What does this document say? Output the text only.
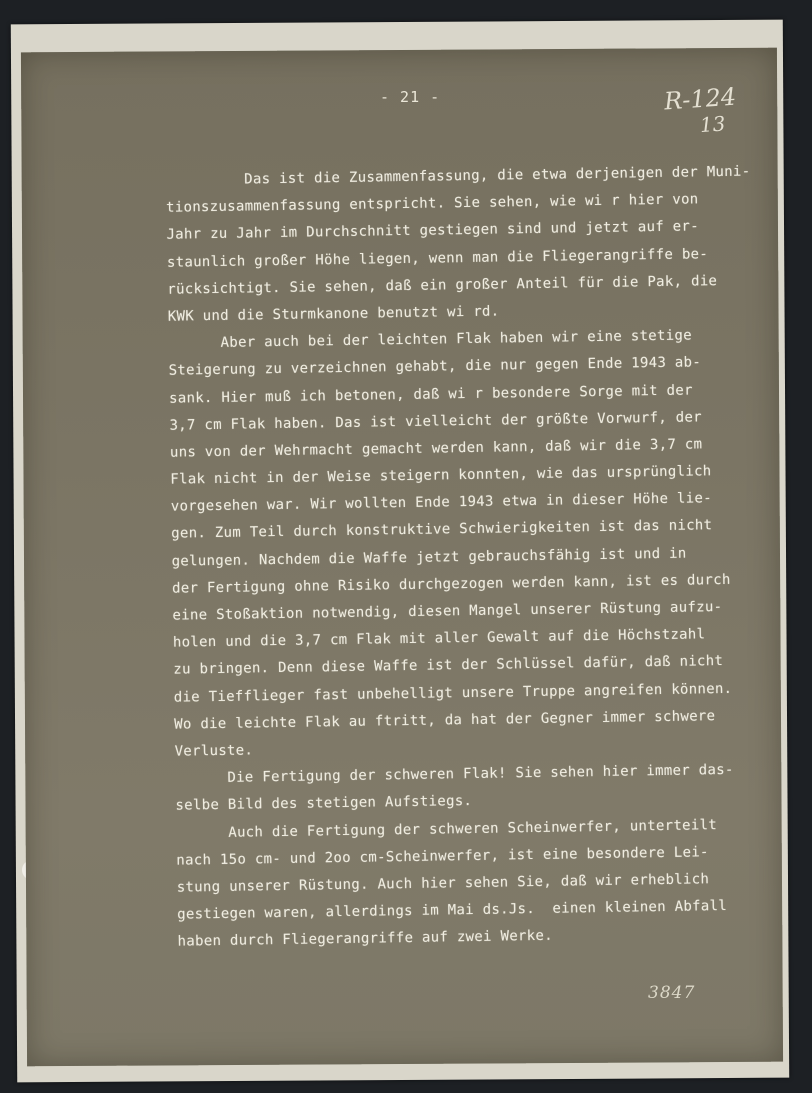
- 21 -	R-124
13
Das ist die Zusammenfassung, die etwa derjenigen der Muni-
tionszusammenfassung entspricht. Sie sehen, wie wi r hier von
Jahr zu Jahr im Durchschnitt gestiegen sind und jetzt auf er-
staunlich großer Höhe liegen, wenn man die Fliegerangriffe be-
rücksichtigt. Sie sehen, daß ein großer Anteil für die Pak, die
KWK und die Sturmkanone benutzt wi rd.
Aber auch bei der leichten Flak haben wir eine stetige
Steigerung zu verzeichnen gehabt, die nur gegen Ende 1943 ab-
sank. Hier muß ich betonen, daß wi r besondere Sorge mit der
3,7 cm Flak haben. Das ist vielleicht der größte Vorwurf, der
uns von der Wehrmacht gemacht werden kann, daß wir die 3,7 cm
Flak nicht in der Weise steigern konnten, wie das ursprünglich
vorgesehen war. Wir wollten Ende 1943 etwa in dieser Höhe lie-
gen. Zum Teil durch konstruktive Schwierigkeiten ist das nicht
gelungen. Nachdem die Waffe jetzt gebrauchsfähig ist und in
der Fertigung ohne Risiko durchgezogen werden kann, ist es durch
eine Stoßaktion notwendig, diesen Mangel unserer Rüstung aufzu-
holen und die 3,7 cm Flak mit aller Gewalt auf die Höchstzahl
zu bringen. Denn diese Waffe ist der Schlüssel dafür, daß nicht
die Tiefflieger fast unbehelligt unsere Truppe angreifen können.
Wo die leichte Flak au ftritt, da hat der Gegner immer schwere
Verluste.
Die Fertigung der schweren Flak! Sie sehen hier immer das-
selbe Bild des stetigen Aufstiegs.
Auch die Fertigung der schweren Scheinwerfer, unterteilt
nach 15o cm- und 2oo cm-Scheinwerfer, ist eine besondere Lei-
stung unserer Rüstung. Auch hier sehen Sie, daß wir erheblich
gestiegen waren, allerdings im Mai ds.Js.  einen kleinen Abfall
haben durch Fliegerangriffe auf zwei Werke.
3847
